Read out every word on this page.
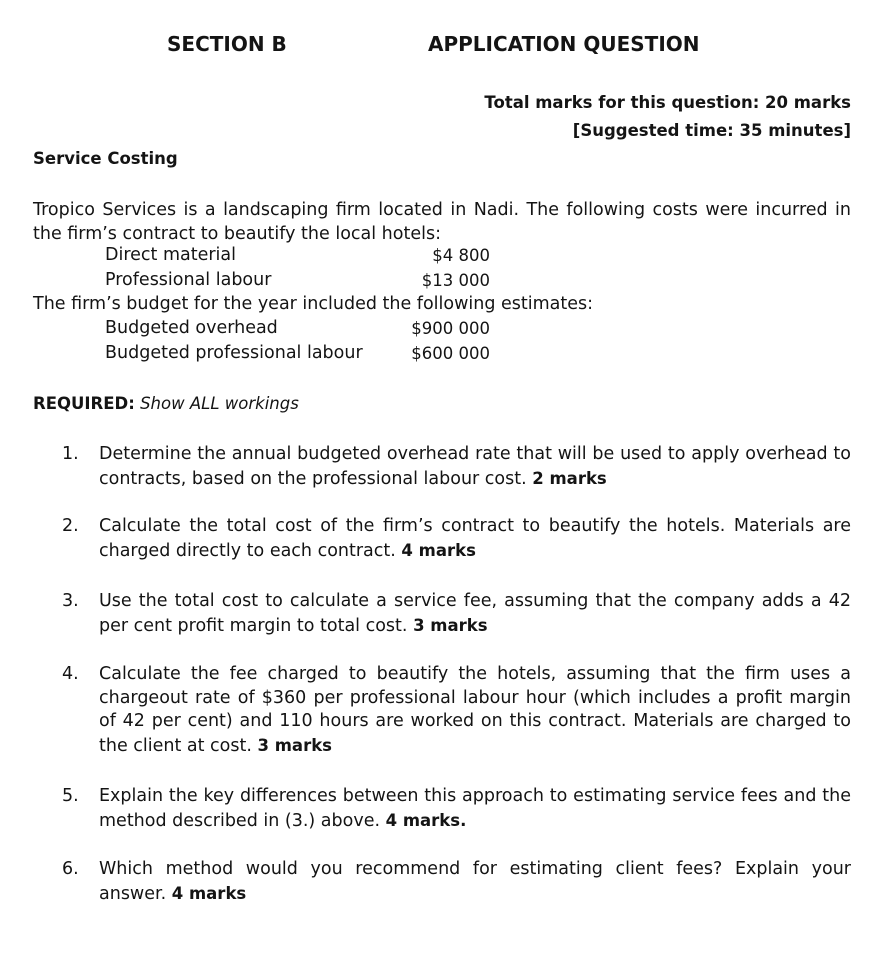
SECTION B	APPLICATION QUESTION
Total marks for this question: 20 marks
[Suggested time: 35 minutes]
Service Costing
Tropico Services is a landscaping firm located in Nadi. The following costs were incurred in the firm’s contract to beautify the local hotels:
Direct material	$4 800
Professional labour	$13 000
The firm’s budget for the year included the following estimates:
Budgeted overhead	$900 000
Budgeted professional labour	$600 000
REQUIRED: Show ALL workings
1.	Determine the annual budgeted overhead rate that will be used to apply overhead to contracts, based on the professional labour cost. 2 marks
2.	Calculate the total cost of the firm’s contract to beautify the hotels. Materials are charged directly to each contract. 4 marks
3.	Use the total cost to calculate a service fee, assuming that the company adds a 42 per cent profit margin to total cost. 3 marks
4.	Calculate the fee charged to beautify the hotels, assuming that the firm uses a chargeout rate of $360 per professional labour hour (which includes a profit margin of 42 per cent) and 110 hours are worked on this contract. Materials are charged to the client at cost. 3 marks
5.	Explain the key differences between this approach to estimating service fees and the method described in (3.) above. 4 marks.
6.	Which method would you recommend for estimating client fees? Explain your answer. 4 marks
